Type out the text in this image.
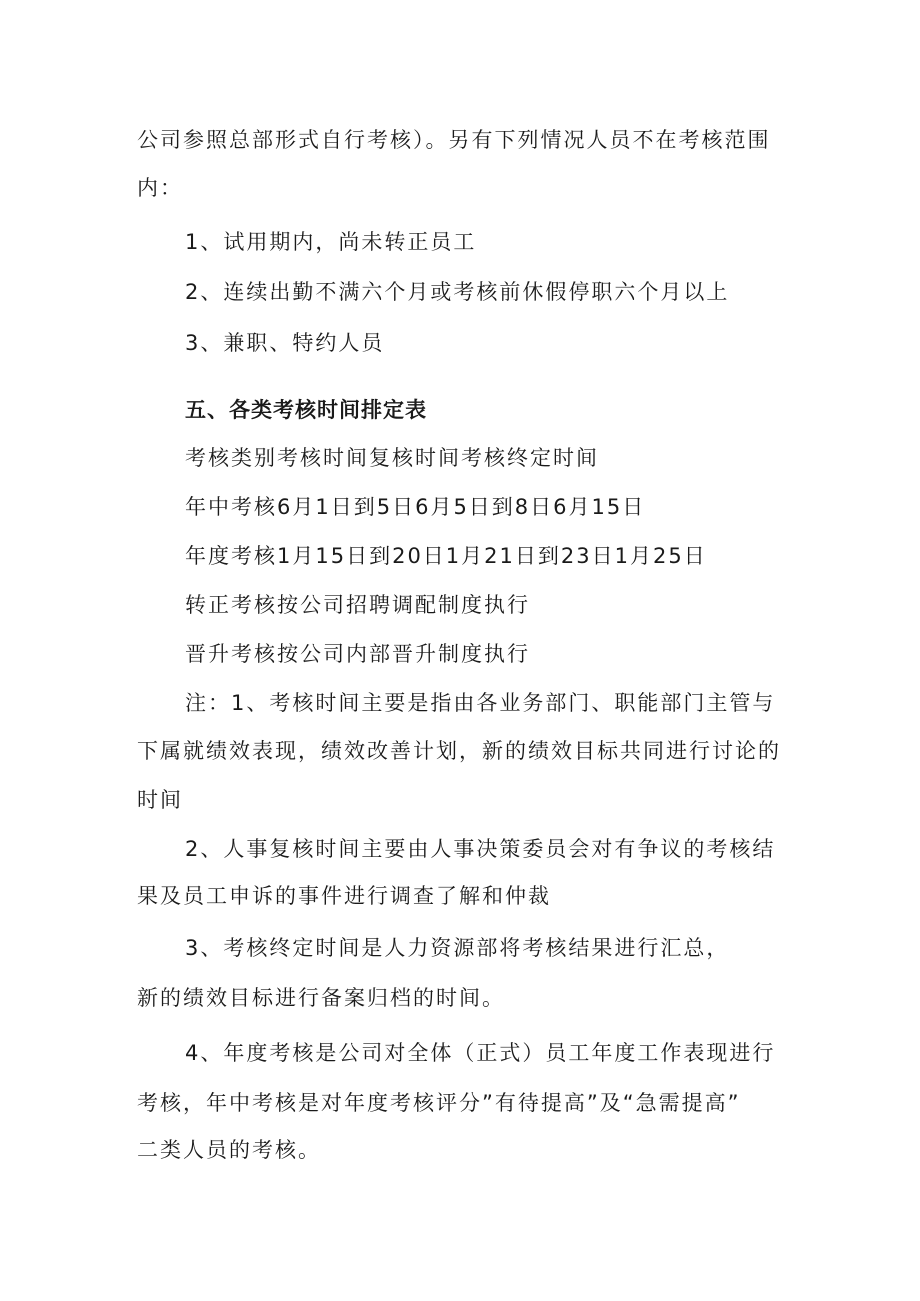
公司参照总部形式自行考核）。另有下列情况人员不在考核范围
内：
1、试用期内，尚未转正员工
2、连续出勤不满六个月或考核前休假停职六个月以上
3、兼职、特约人员
五、各类考核时间排定表
考核类别考核时间复核时间考核终定时间
年中考核6月1日到5日6月5日到8日6月15日
年度考核1月15日到20日1月21日到23日1月25日
转正考核按公司招聘调配制度执行
晋升考核按公司内部晋升制度执行
注：1、考核时间主要是指由各业务部门、职能部门主管与
下属就绩效表现，绩效改善计划，新的绩效目标共同进行讨论的
时间
2、人事复核时间主要由人事决策委员会对有争议的考核结
果及员工申诉的事件进行调查了解和仲裁
3、考核终定时间是人力资源部将考核结果进行汇总，
新的绩效目标进行备案归档的时间。
4、年度考核是公司对全体（正式）员工年度工作表现进行
考核，年中考核是对年度考核评分”有待提高”及“急需提高”
二类人员的考核。
